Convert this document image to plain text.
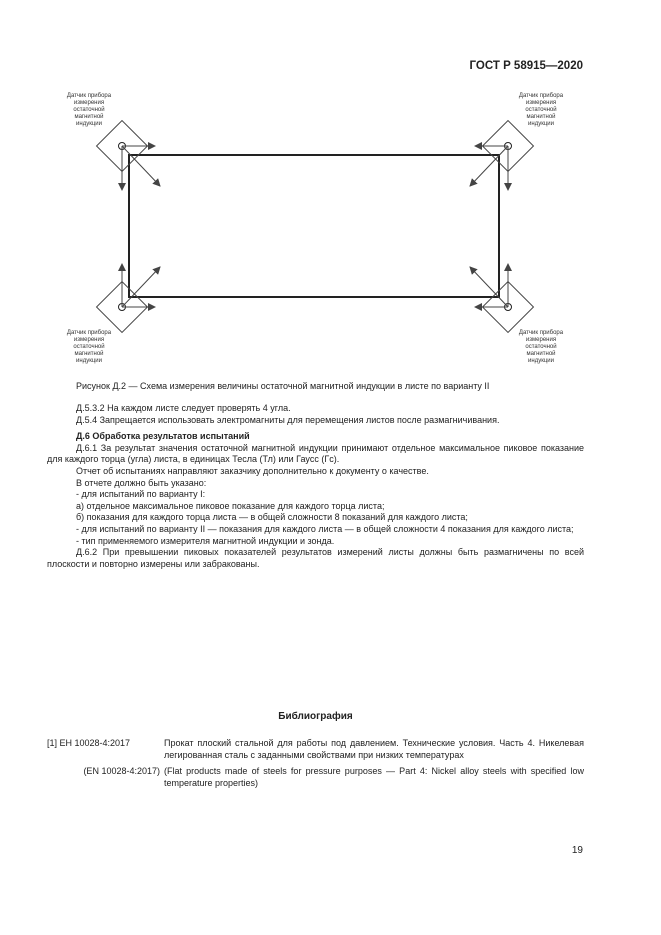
ГОСТ Р 58915—2020
Датчик прибора
измерения
остаточной
магнитной
индукции
Датчик прибора
измерения
остаточной
магнитной
индукции
Датчик прибора
измерения
остаточной
магнитной
индукции
Датчик прибора
измерения
остаточной
магнитной
индукции
Рисунок Д.2 — Схема измерения величины остаточной магнитной индукции в листе по варианту II

Д.5.3.2 На каждом листе следует проверять 4 угла.

Д.5.4 Запрещается использовать электромагниты для перемещения листов после размагничивания.

Д.6 Обработка результатов испытаний

Д.6.1 За результат значения остаточной магнитной индукции принимают отдельное максимальное пиковое показание для каждого торца (угла) листа, в единицах Тесла (Тл) или Гаусс (Гс).

Отчет об испытаниях направляют заказчику дополнительно к документу о качестве.

В отчете должно быть указано:

- для испытаний по варианту I:

а) отдельное максимальное пиковое показание для каждого торца листа;

б) показания для каждого торца листа — в общей сложности 8 показаний для каждого листа;

- для испытаний по варианту II — показания для каждого листа — в общей сложности 4 показания для каждого листа;

- тип применяемого измерителя магнитной индукции и зонда.

Д.6.2 При превышении пиковых показателей результатов измерений листы должны быть размагничены по всей плоскости и повторно измерены или забракованы.

Библиография
[1] ЕН 10028-4:2017	Прокат плоский стальной для работы под давлением. Технические условия. Часть 4. Никелевая легированная сталь с заданными свойствами при низких температурах
(EN 10028-4:2017) (Flat products made of steels for pressure purposes — Part 4: Nickel alloy steels with specified low temperature properties)
19
